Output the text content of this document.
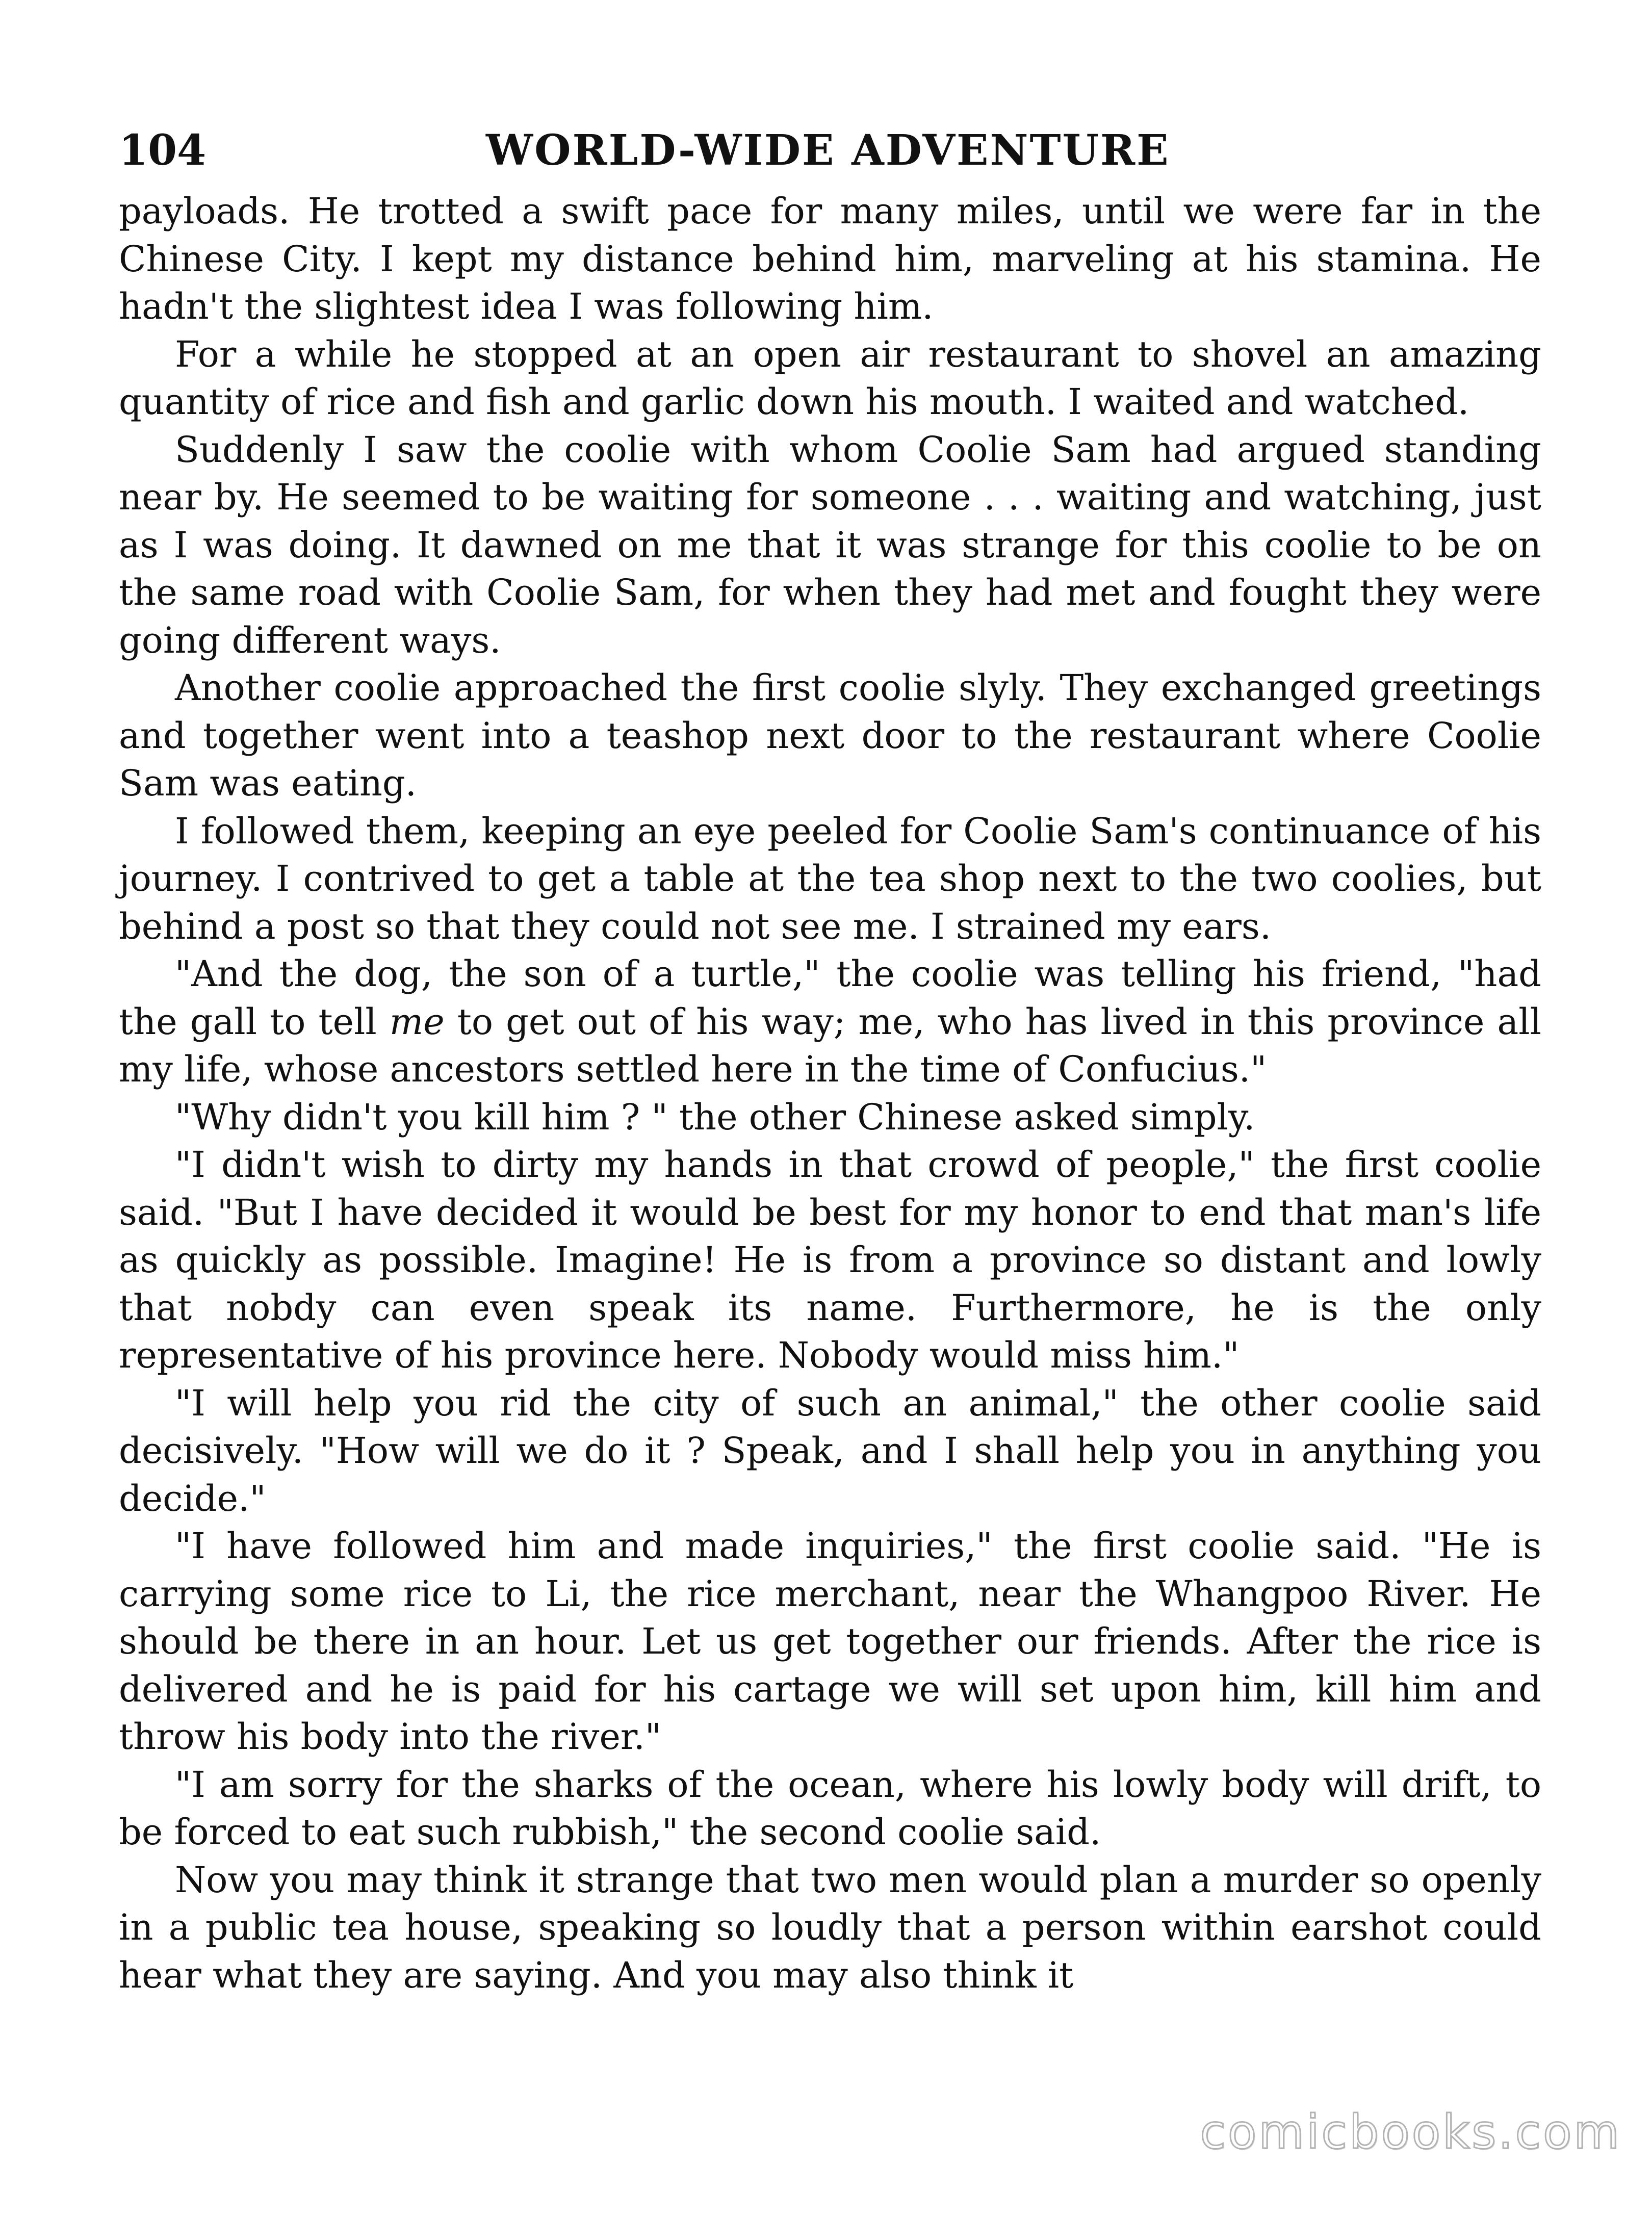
104	WORLD-WIDE ADVENTURE

payloads. He trotted a swift pace for many miles, until we were far in the Chinese City. I kept my distance behind him, marveling at his stamina. He hadn't the slightest idea I was following him.

For a while he stopped at an open air restaurant to shovel an amazing quantity of rice and fish and garlic down his mouth. I waited and watched.

Suddenly I saw the coolie with whom Coolie Sam had argued standing near by. He seemed to be waiting for someone . . . waiting and watching, just as I was doing. It dawned on me that it was strange for this coolie to be on the same road with Coolie Sam, for when they had met and fought they were going different ways.

Another coolie approached the first coolie slyly. They exchanged greetings and together went into a teashop next door to the restaurant where Coolie Sam was eating.

I followed them, keeping an eye peeled for Coolie Sam's continuance of his journey. I contrived to get a table at the tea shop next to the two coolies, but behind a post so that they could not see me. I strained my ears.

"And the dog, the son of a turtle," the coolie was telling his friend, "had the gall to tell me to get out of his way; me, who has lived in this province all my life, whose ancestors settled here in the time of Confucius."

"Why didn't you kill him ? " the other Chinese asked simply.

"I didn't wish to dirty my hands in that crowd of people," the first coolie said. "But I have decided it would be best for my honor to end that man's life as quickly as possible. Imagine! He is from a province so distant and lowly that nobdy can even speak its name. Furthermore, he is the only representative of his province here. Nobody would miss him."

"I will help you rid the city of such an animal," the other coolie said decisively. "How will we do it ? Speak, and I shall help you in anything you decide."

"I have followed him and made inquiries," the first coolie said. "He is carrying some rice to Li, the rice merchant, near the Whangpoo River. He should be there in an hour. Let us get together our friends. After the rice is delivered and he is paid for his cartage we will set upon him, kill him and throw his body into the river."

"I am sorry for the sharks of the ocean, where his lowly body will drift, to be forced to eat such rubbish," the second coolie said.

Now you may think it strange that two men would plan a murder so openly in a public tea house, speaking so loudly that a person within earshot could hear what they are saying. And you may also think it

comicbooks.com
